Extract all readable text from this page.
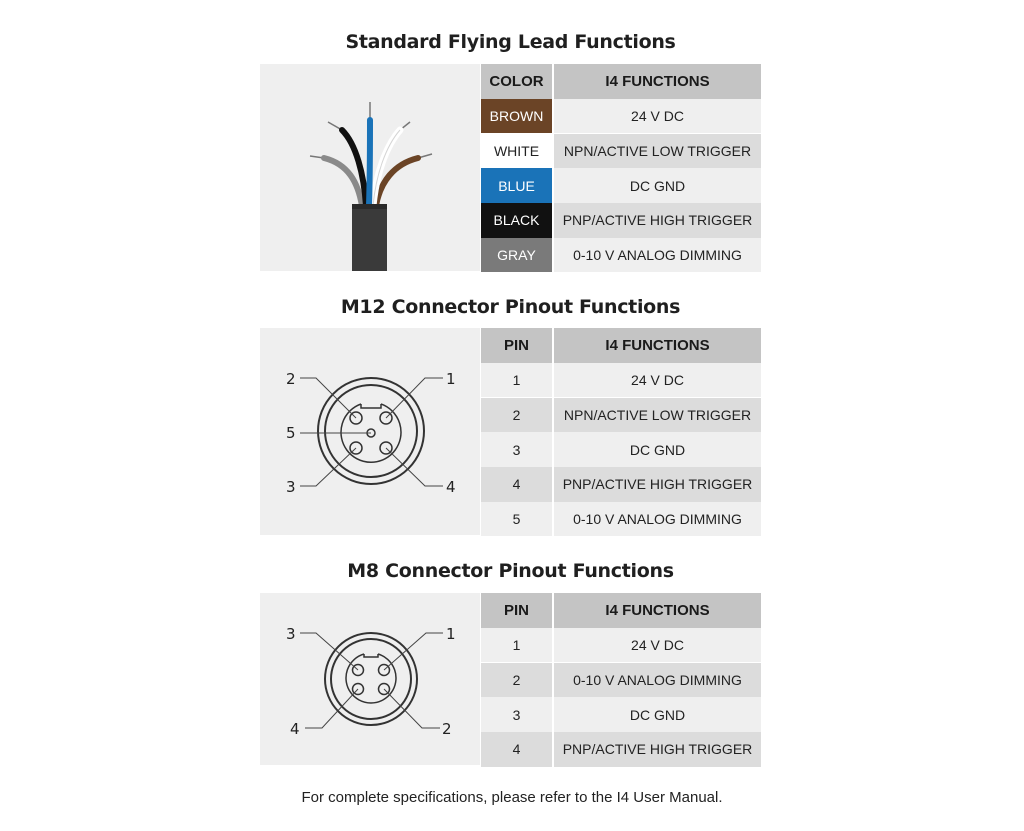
Standard Flying Lead Functions
COLOR	I4 FUNCTIONS
BROWN	24 V DC
WHITE	NPN/ACTIVE LOW TRIGGER
BLUE	DC GND
BLACK	PNP/ACTIVE HIGH TRIGGER
GRAY	0-10 V ANALOG DIMMING
M12 Connector Pinout Functions
2	1
5
3	4
PIN	I4 FUNCTIONS
1	24 V DC
2	NPN/ACTIVE LOW TRIGGER
3	DC GND
4	PNP/ACTIVE HIGH TRIGGER
5	0-10 V ANALOG DIMMING
M8 Connector Pinout Functions
3	1
4	2
PIN	I4 FUNCTIONS
1	24 V DC
2	0-10 V ANALOG DIMMING
3	DC GND
4	PNP/ACTIVE HIGH TRIGGER
For complete specifications, please refer to the I4 User Manual.
